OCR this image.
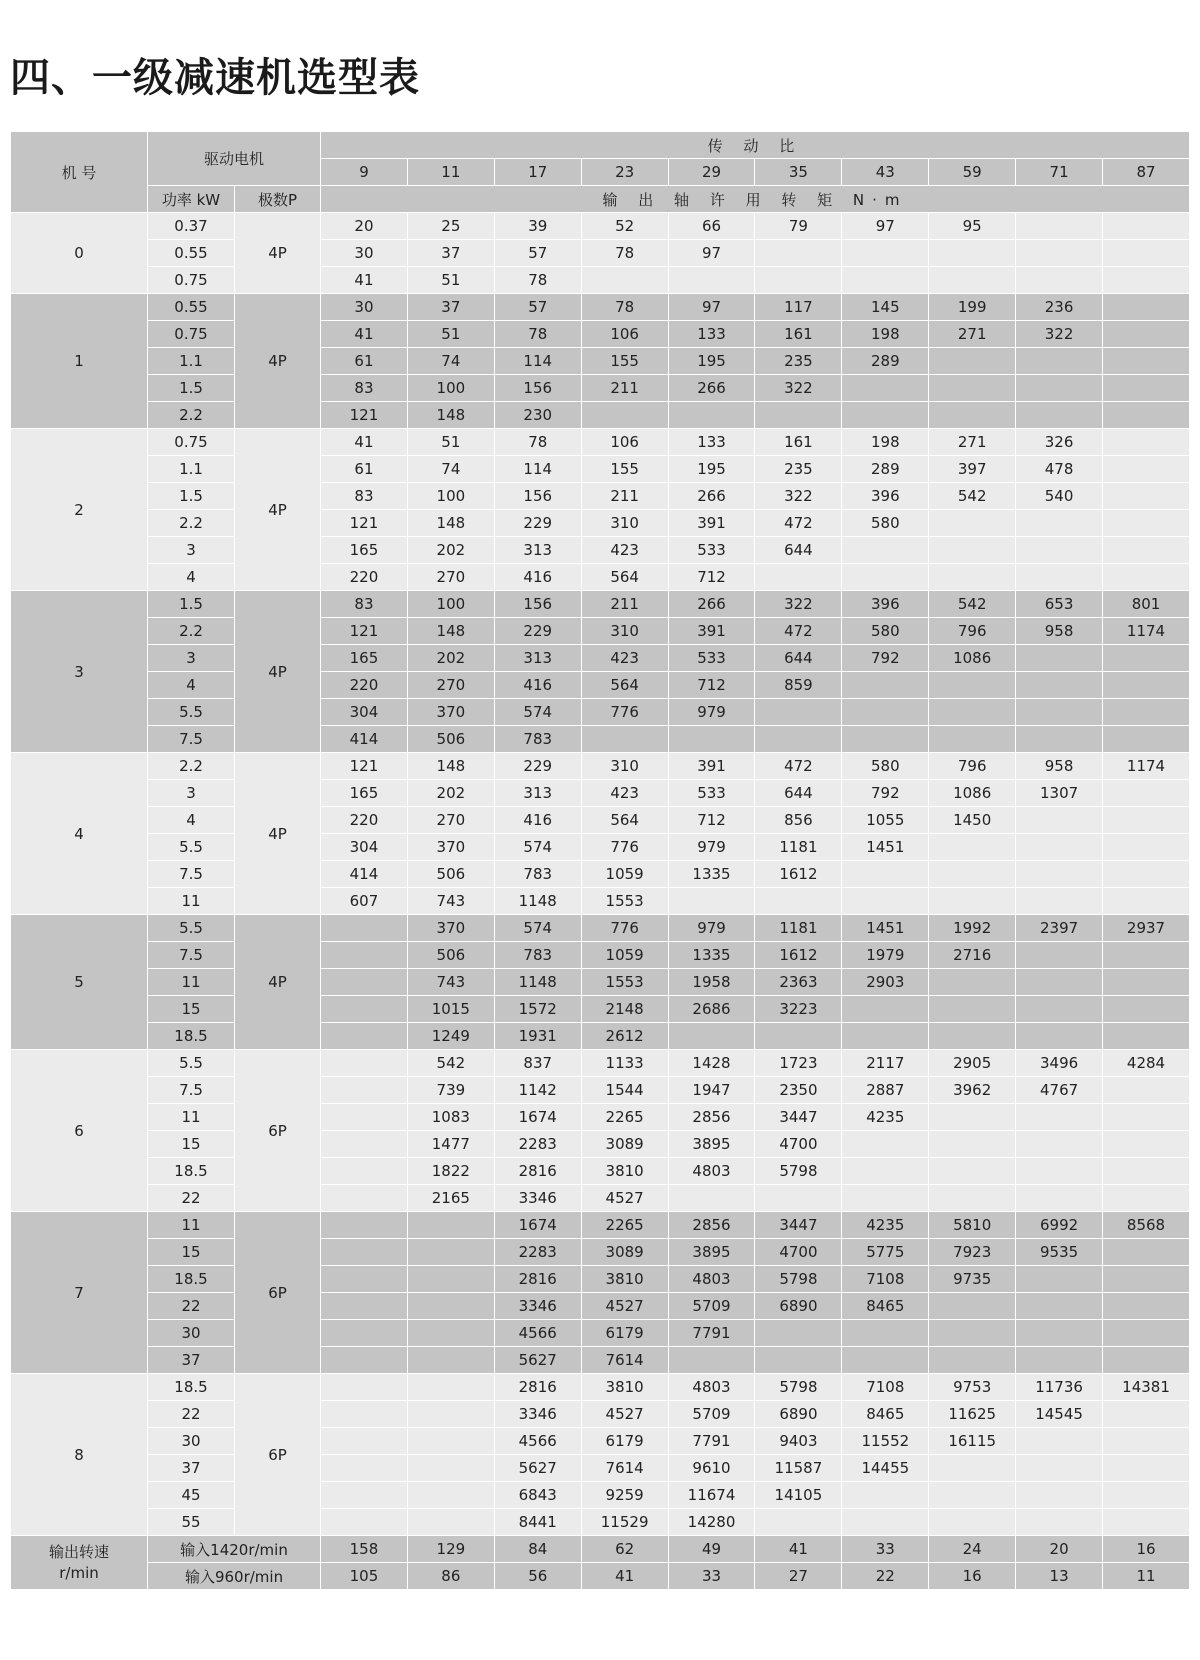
四、一级减速机选型表
机 号	驱动电机		传 动 比									
			9	11	17	23	29	35	43	59	71	87
	功率 kW	极数P	输 出 轴 许 用 转 矩 N·m									
0	0.37	4P	20	25	39	52	66	79	97	95		
	0.55		30	37	57	78	97					
	0.75		41	51	78							
1	0.55	4P	30	37	57	78	97	117	145	199	236	
	0.75		41	51	78	106	133	161	198	271	322	
	1.1		61	74	114	155	195	235	289			
	1.5		83	100	156	211	266	322				
	2.2		121	148	230							
2	0.75	4P	41	51	78	106	133	161	198	271	326	
	1.1		61	74	114	155	195	235	289	397	478	
	1.5		83	100	156	211	266	322	396	542	540	
	2.2		121	148	229	310	391	472	580			
	3		165	202	313	423	533	644				
	4		220	270	416	564	712					
3	1.5	4P	83	100	156	211	266	322	396	542	653	801
	2.2		121	148	229	310	391	472	580	796	958	1174
	3		165	202	313	423	533	644	792	1086		
	4		220	270	416	564	712	859				
	5.5		304	370	574	776	979					
	7.5		414	506	783							
4	2.2	4P	121	148	229	310	391	472	580	796	958	1174
	3		165	202	313	423	533	644	792	1086	1307	
	4		220	270	416	564	712	856	1055	1450		
	5.5		304	370	574	776	979	1181	1451			
	7.5		414	506	783	1059	1335	1612				
	11		607	743	1148	1553						
5	5.5	4P		370	574	776	979	1181	1451	1992	2397	2937
	7.5			506	783	1059	1335	1612	1979	2716		
	11			743	1148	1553	1958	2363	2903			
	15			1015	1572	2148	2686	3223				
	18.5			1249	1931	2612						
6	5.5	6P		542	837	1133	1428	1723	2117	2905	3496	4284
	7.5			739	1142	1544	1947	2350	2887	3962	4767	
	11			1083	1674	2265	2856	3447	4235			
	15			1477	2283	3089	3895	4700				
	18.5			1822	2816	3810	4803	5798				
	22			2165	3346	4527						
7	11	6P			1674	2265	2856	3447	4235	5810	6992	8568
	15				2283	3089	3895	4700	5775	7923	9535	
	18.5				2816	3810	4803	5798	7108	9735		
	22				3346	4527	5709	6890	8465			
	30				4566	6179	7791					
	37				5627	7614						
8	18.5	6P			2816	3810	4803	5798	7108	9753	11736	14381
	22				3346	4527	5709	6890	8465	11625	14545	
	30				4566	6179	7791	9403	11552	16115		
	37				5627	7614	9610	11587	14455			
	45				6843	9259	11674	14105				
	55				8441	11529	14280					

输出转速
r/min	输入1420r/min		158	129	84	62	49	41	33	24	20	16
	输入960r/min		105	86	56	41	33	27	22	16	13	11
